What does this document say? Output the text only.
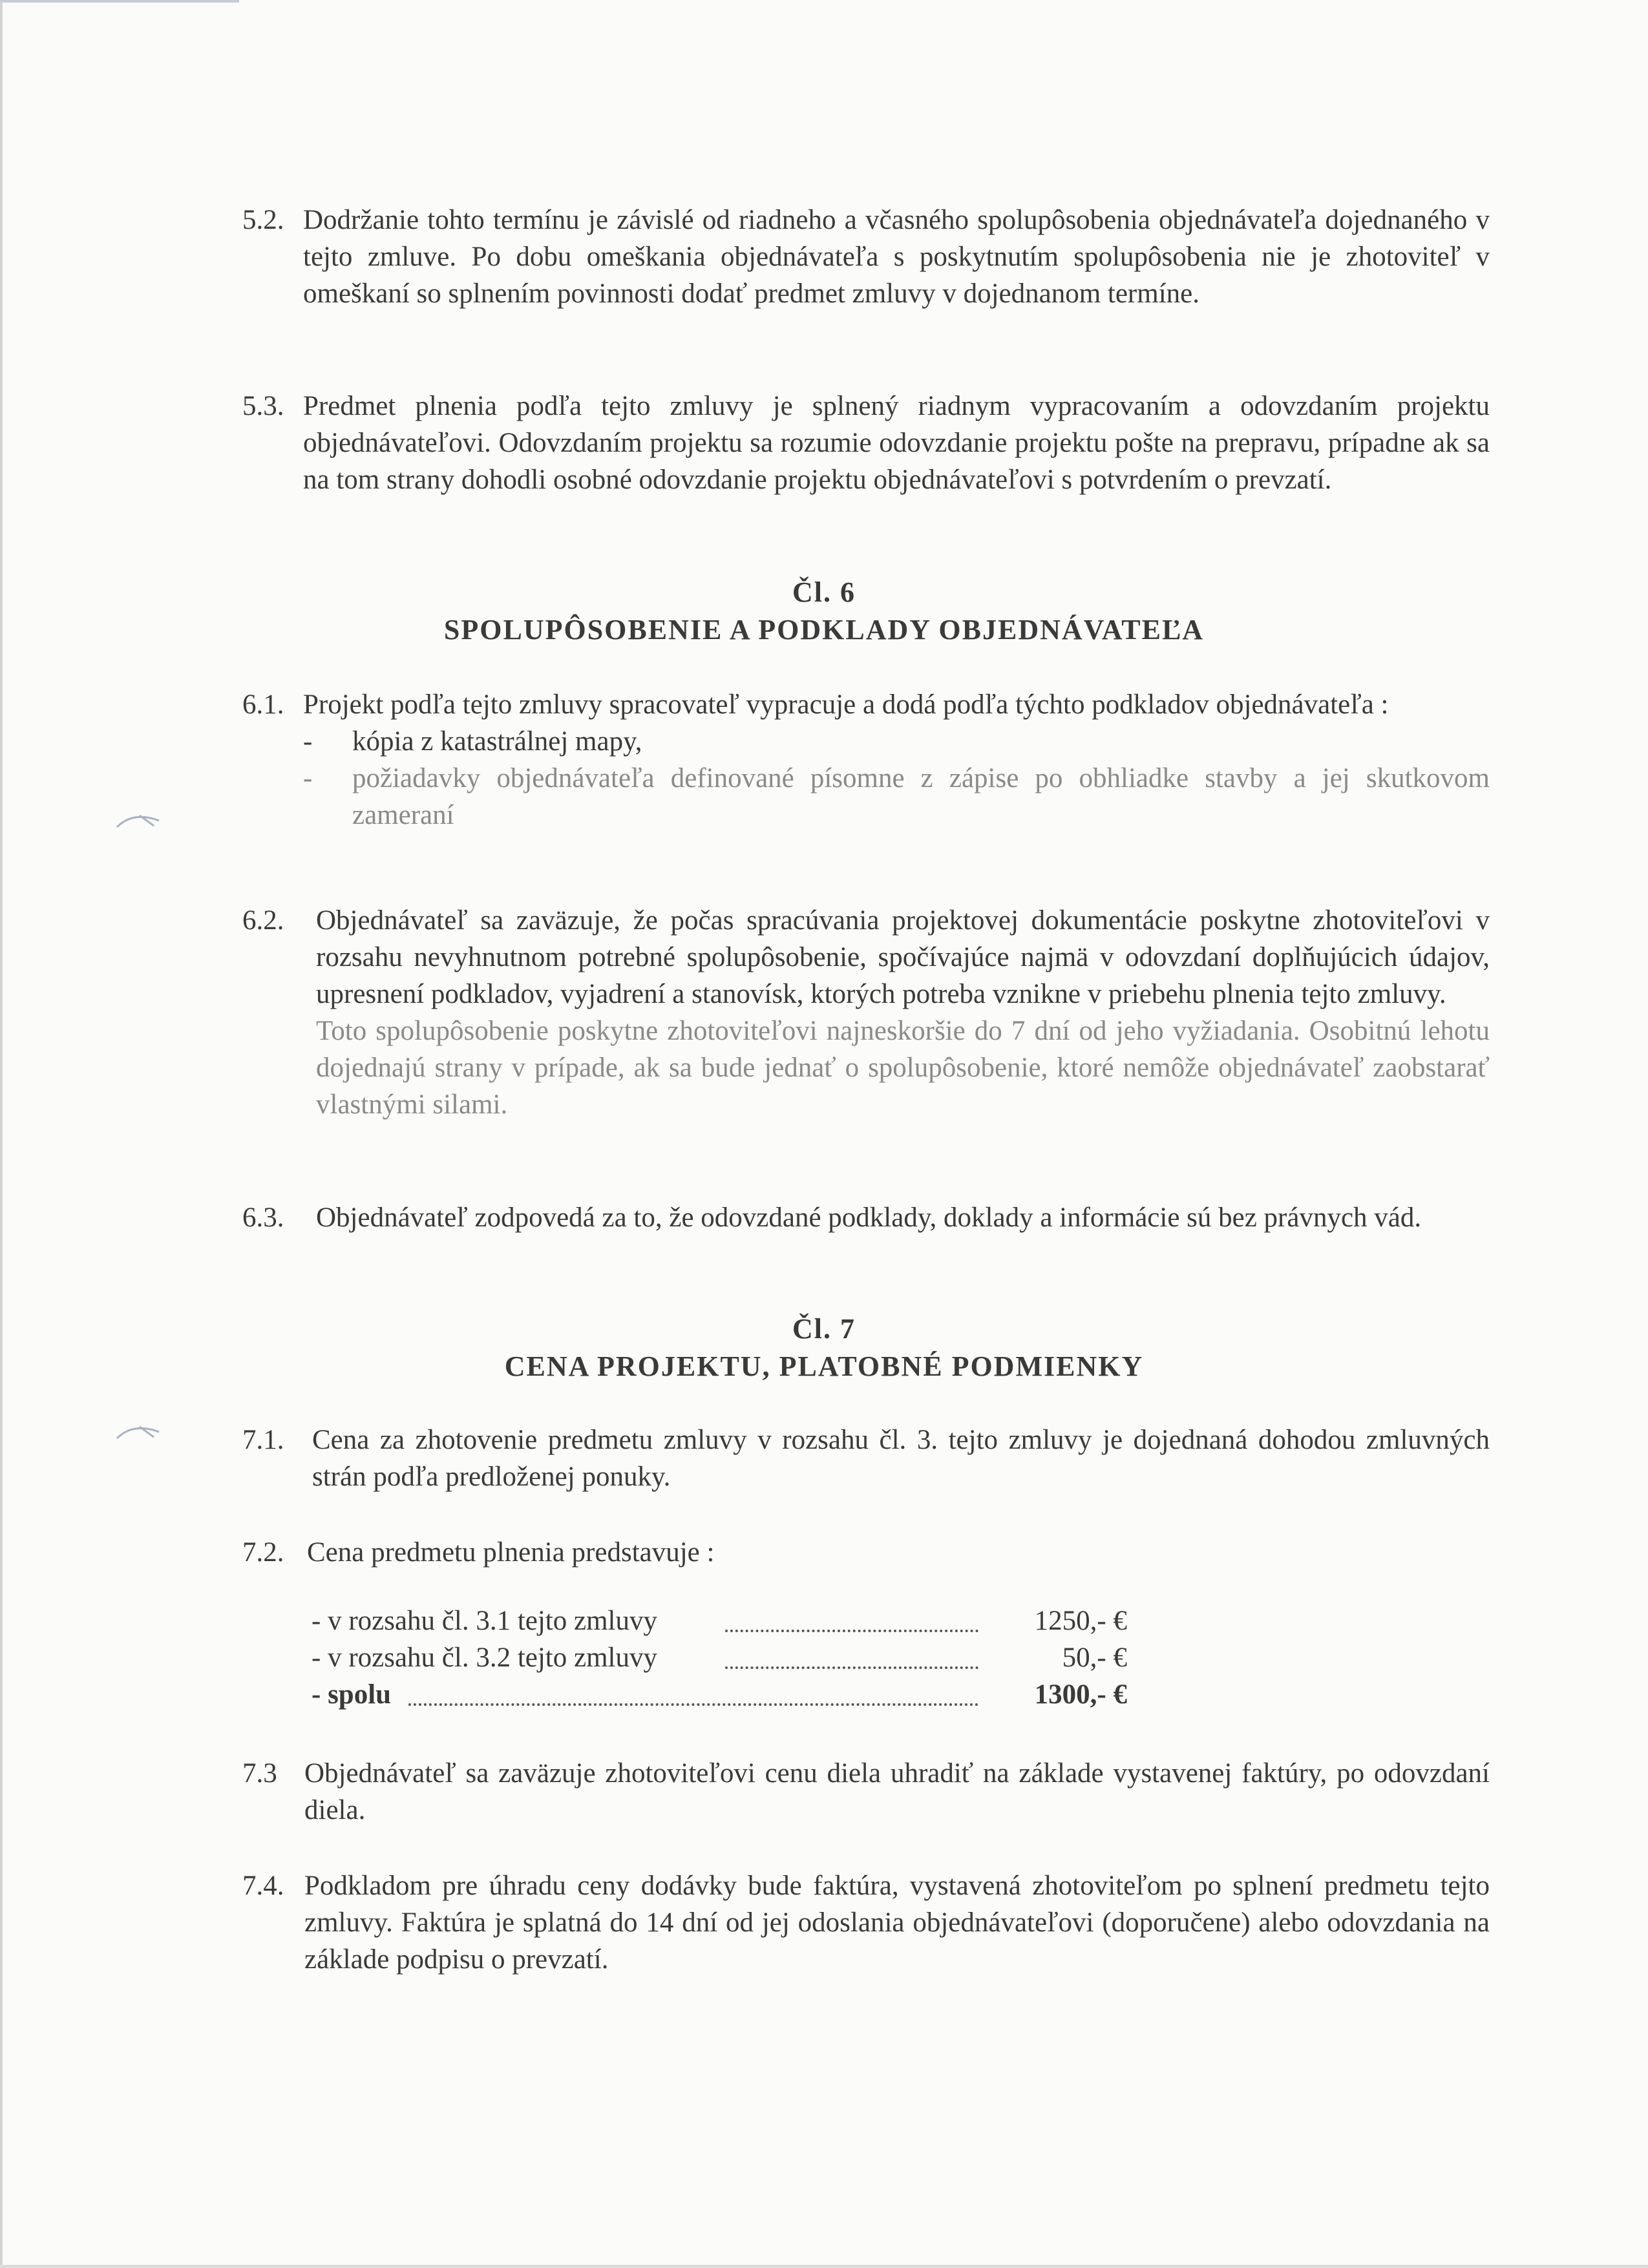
5.2. Dodržanie tohto termínu je závislé od riadneho a včasného spolupôsobenia objednávateľa dojednaného v tejto zmluve. Po dobu omeškania objednávateľa s poskytnutím spolupôsobenia nie je zhotoviteľ v omeškaní so splnením povinnosti dodať predmet zmluvy v dojednanom termíne.

5.3. Predmet plnenia podľa tejto zmluvy je splnený riadnym vypracovaním a odovzdaním projektu objednávateľovi. Odovzdaním projektu sa rozumie odovzdanie projektu pošte na prepravu, prípadne ak sa na tom strany dohodli osobné odovzdanie projektu objednávateľovi s potvrdením o prevzatí.

Čl. 6
SPOLUPÔSOBENIE A PODKLADY OBJEDNÁVATEĽA
6.1. Projekt podľa tejto zmluvy spracovateľ vypracuje a dodá podľa týchto podkladov objednávateľa :

- kópia z katastrálnej mapy,
- požiadavky objednávateľa definované písomne z zápise po obhliadke stavby a jej skutkovom zameraní
6.2. Objednávateľ sa zaväzuje, že počas spracúvania projektovej dokumentácie poskytne zhotoviteľovi v rozsahu nevyhnutnom potrebné spolupôsobenie, spočívajúce najmä v odovzdaní doplňujúcich údajov, upresnení podkladov, vyjadrení a stanovísk, ktorých potreba vznikne v priebehu plnenia tejto zmluvy.

Toto spolupôsobenie poskytne zhotoviteľovi najneskoršie do 7 dní od jeho vyžiadania. Osobitnú lehotu dojednajú strany v prípade, ak sa bude jednať o spolupôsobenie, ktoré nemôže objednávateľ zaobstarať vlastnými silami.

6.3. Objednávateľ zodpovedá za to, že odovzdané podklady, doklady a informácie sú bez právnych vád.

Čl. 7
CENA PROJEKTU, PLATOBNÉ PODMIENKY
7.1. Cena za zhotovenie predmetu zmluvy v rozsahu čl. 3. tejto zmluvy je dojednaná dohodou zmluvných strán podľa predloženej ponuky.

7.2. Cena predmetu plnenia predstavuje :

- v rozsahu čl. 3.1 tejto zmluvy	1250,- €
- v rozsahu čl. 3.2 tejto zmluvy	50,- €
- spolu	1300,- €
7.3 Objednávateľ sa zaväzuje zhotoviteľovi cenu diela uhradiť na základe vystavenej faktúry, po odovzdaní diela.

7.4. Podkladom pre úhradu ceny dodávky bude faktúra, vystavená zhotoviteľom po splnení predmetu tejto zmluvy. Faktúra je splatná do 14 dní od jej odoslania objednávateľovi (doporučene) alebo odovzdania na základe podpisu o prevzatí.
